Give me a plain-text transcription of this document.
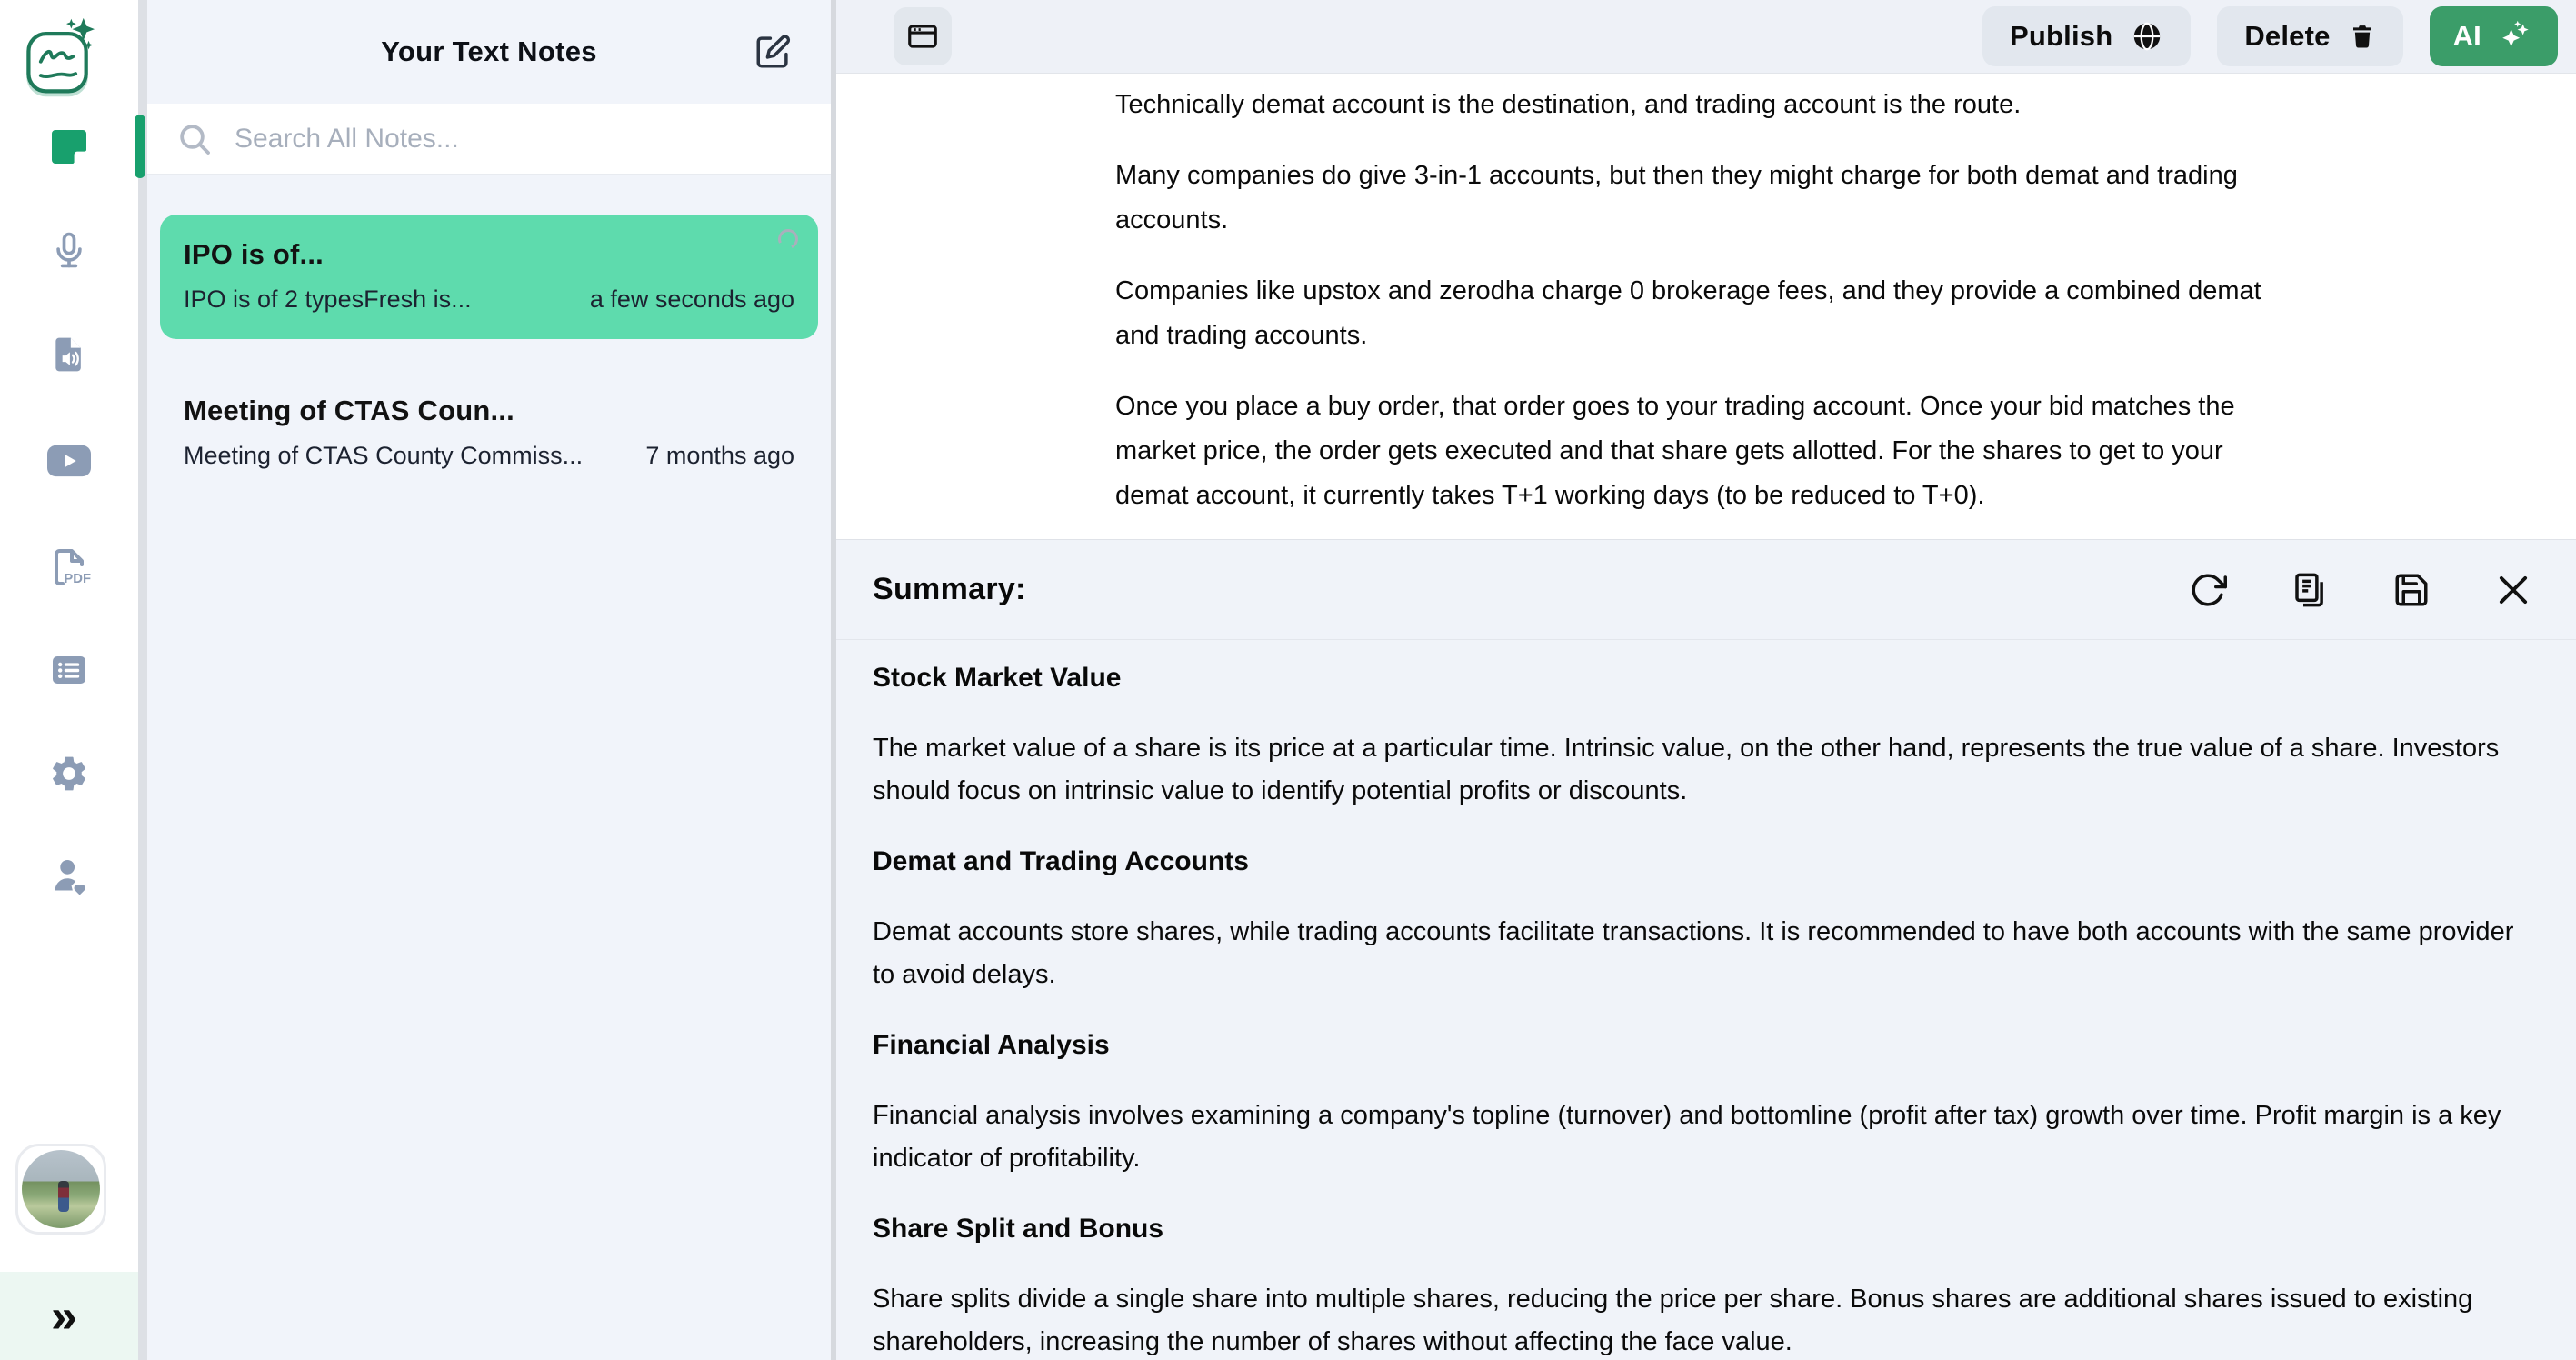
PDF
»
Your Text Notes
Search All Notes...
IPO is of...
IPO is of 2 typesFresh is...	a few seconds ago
Meeting of CTAS Coun...
Meeting of CTAS County Commiss...	7 months ago
Publish	Delete	AI

Technically demat account is the destination, and trading account is the route.

Many companies do give 3-in-1 accounts, but then they might charge for both demat and trading accounts.

Companies like upstox and zerodha charge 0 brokerage fees, and they provide a combined demat and trading accounts.

Once you place a buy order, that order goes to your trading account. Once your bid matches the market price, the order gets executed and that share gets allotted. For the shares to get to your demat account, it currently takes T+1 working days (to be reduced to T+0).

Summary:
Stock Market Value

The market value of a share is its price at a particular time. Intrinsic value, on the other hand, represents the true value of a share. Investors should focus on intrinsic value to identify potential profits or discounts.

Demat and Trading Accounts

Demat accounts store shares, while trading accounts facilitate transactions. It is recommended to have both accounts with the same provider to avoid delays.

Financial Analysis

Financial analysis involves examining a company's topline (turnover) and bottomline (profit after tax) growth over time. Profit margin is a key indicator of profitability.

Share Split and Bonus

Share splits divide a single share into multiple shares, reducing the price per share. Bonus shares are additional shares issued to existing shareholders, increasing the number of shares without affecting the face value.
